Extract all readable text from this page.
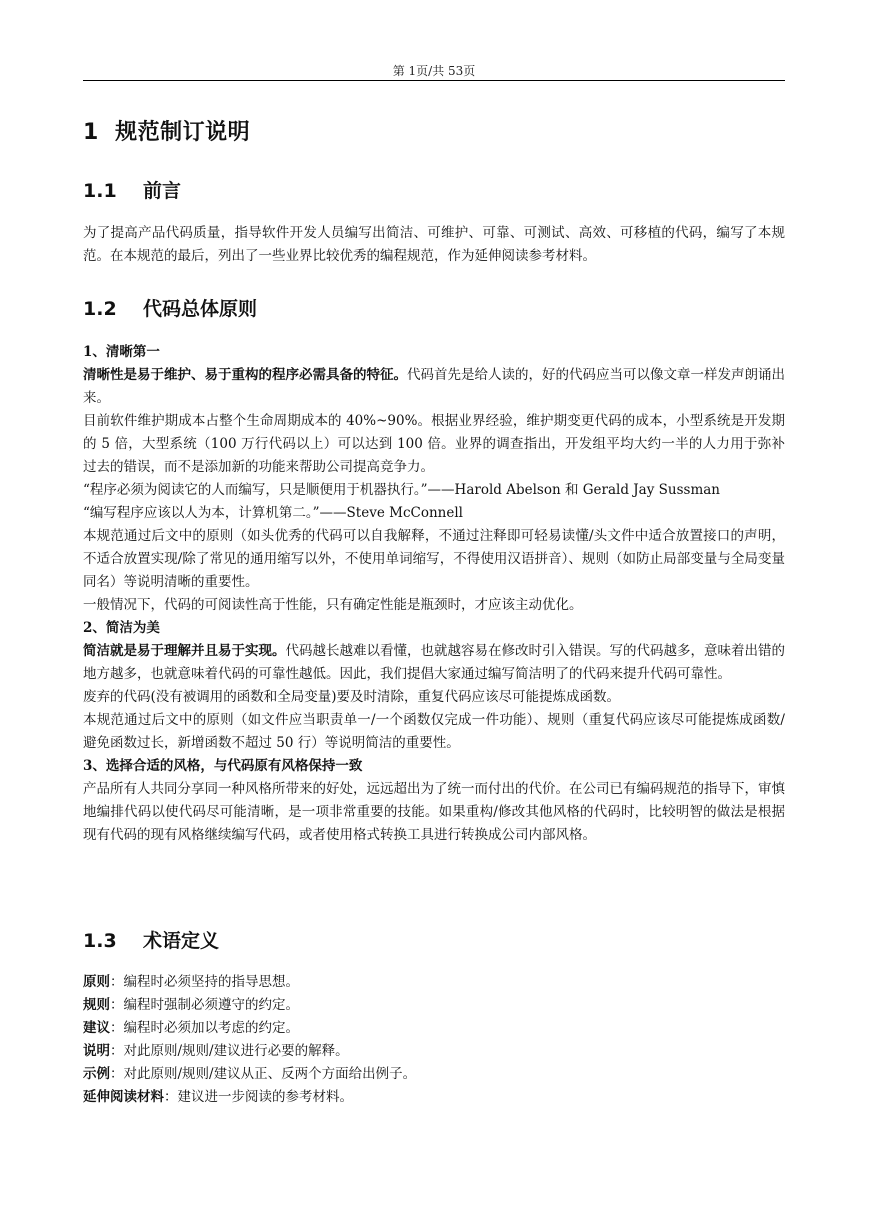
第 1页/共 53页
1 规范制订说明
1.1 前言

为了提高产品代码质量，指导软件开发人员编写出简洁、可维护、可靠、可测试、高效、可移植的代码，编写了本规范。在本规范的最后，列出了一些业界比较优秀的编程规范，作为延伸阅读参考材料。

1.2 代码总体原则

1、清晰第一

清晰性是易于维护、易于重构的程序必需具备的特征。代码首先是给人读的，好的代码应当可以像文章一样发声朗诵出来。

目前软件维护期成本占整个生命周期成本的 40%~90%。根据业界经验，维护期变更代码的成本，小型系统是开发期的 5 倍，大型系统（100 万行代码以上）可以达到 100 倍。业界的调查指出，开发组平均大约一半的人力用于弥补过去的错误，而不是添加新的功能来帮助公司提高竞争力。

“程序必须为阅读它的人而编写，只是顺便用于机器执行。”——Harold Abelson 和 Gerald Jay Sussman

“编写程序应该以人为本，计算机第二。”——Steve McConnell

本规范通过后文中的原则（如头优秀的代码可以自我解释，不通过注释即可轻易读懂/头文件中适合放置接口的声明，不适合放置实现/除了常见的通用缩写以外，不使用单词缩写，不得使用汉语拼音）、规则（如防止局部变量与全局变量同名）等说明清晰的重要性。

一般情况下，代码的可阅读性高于性能，只有确定性能是瓶颈时，才应该主动优化。

2、简洁为美

简洁就是易于理解并且易于实现。代码越长越难以看懂，也就越容易在修改时引入错误。写的代码越多，意味着出错的地方越多，也就意味着代码的可靠性越低。因此，我们提倡大家通过编写简洁明了的代码来提升代码可靠性。

废弃的代码(没有被调用的函数和全局变量)要及时清除，重复代码应该尽可能提炼成函数。

本规范通过后文中的原则（如文件应当职责单一/一个函数仅完成一件功能）、规则（重复代码应该尽可能提炼成函数/避免函数过长，新增函数不超过 50 行）等说明简洁的重要性。

3、选择合适的风格，与代码原有风格保持一致

产品所有人共同分享同一种风格所带来的好处，远远超出为了统一而付出的代价。在公司已有编码规范的指导下，审慎地编排代码以使代码尽可能清晰，是一项非常重要的技能。如果重构/修改其他风格的代码时，比较明智的做法是根据现有代码的现有风格继续编写代码，或者使用格式转换工具进行转换成公司内部风格。

1.3 术语定义

原则：编程时必须坚持的指导思想。

规则：编程时强制必须遵守的约定。

建议：编程时必须加以考虑的约定。

说明：对此原则/规则/建议进行必要的解释。

示例：对此原则/规则/建议从正、反两个方面给出例子。

延伸阅读材料：建议进一步阅读的参考材料。
